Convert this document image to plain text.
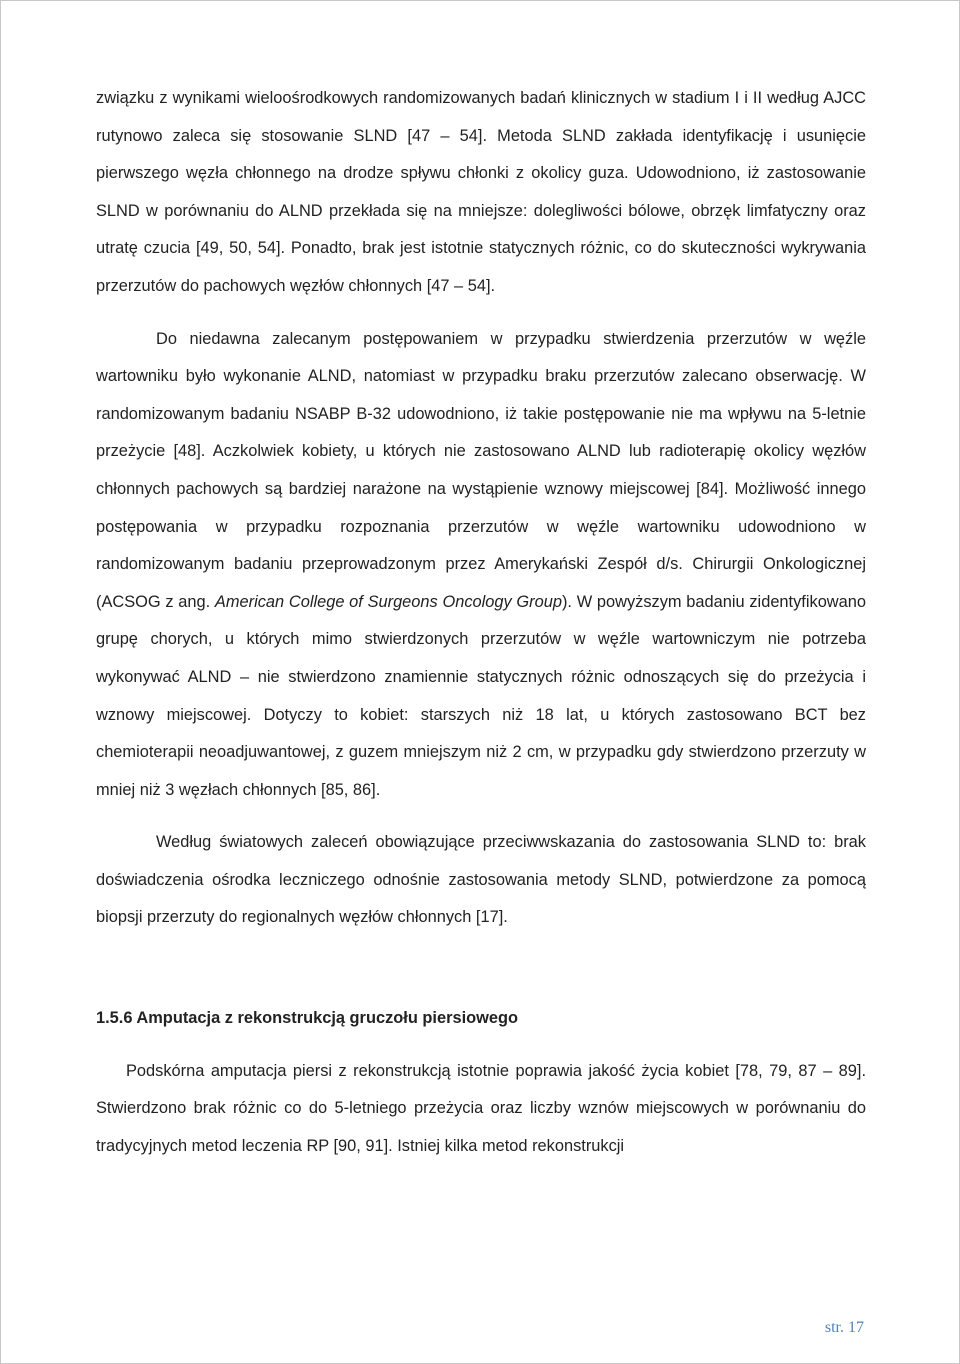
związku z wynikami wieloośrodkowych randomizowanych badań klinicznych w stadium I i II według AJCC rutynowo zaleca się stosowanie SLND [47 – 54]. Metoda SLND zakłada identyfikację i usunięcie pierwszego węzła chłonnego na drodze spływu chłonki z okolicy guza. Udowodniono, iż zastosowanie SLND w porównaniu do ALND przekłada się na mniejsze: dolegliwości bólowe, obrzęk limfatyczny oraz utratę czucia [49, 50, 54]. Ponadto, brak jest istotnie statycznych różnic, co do skuteczności wykrywania przerzutów do pachowych węzłów chłonnych [47 – 54].

Do niedawna zalecanym postępowaniem w przypadku stwierdzenia przerzutów w węźle wartowniku było wykonanie ALND, natomiast w przypadku braku przerzutów zalecano obserwację. W randomizowanym badaniu NSABP B-32 udowodniono, iż takie postępowanie nie ma wpływu na 5-letnie przeżycie [48]. Aczkolwiek kobiety, u których nie zastosowano ALND lub radioterapię okolicy węzłów chłonnych pachowych są bardziej narażone na wystąpienie wznowy miejscowej [84]. Możliwość innego postępowania w przypadku rozpoznania przerzutów w węźle wartowniku udowodniono w randomizowanym badaniu przeprowadzonym przez Amerykański Zespół d/s. Chirurgii Onkologicznej (ACSOG z ang. American College of Surgeons Oncology Group). W powyższym badaniu zidentyfikowano grupę chorych, u których mimo stwierdzonych przerzutów w węźle wartowniczym nie potrzeba wykonywać ALND – nie stwierdzono znamiennie statycznych różnic odnoszących się do przeżycia i wznowy miejscowej. Dotyczy to kobiet: starszych niż 18 lat, u których zastosowano BCT bez chemioterapii neoadjuwantowej, z guzem mniejszym niż 2 cm, w przypadku gdy stwierdzono przerzuty w mniej niż 3 węzłach chłonnych [85, 86].

Według światowych zaleceń obowiązujące przeciwwskazania do zastosowania SLND to: brak doświadczenia ośrodka leczniczego odnośnie zastosowania metody SLND, potwierdzone za pomocą biopsji przerzuty do regionalnych węzłów chłonnych [17].

1.5.6 Amputacja z rekonstrukcją gruczołu piersiowego

Podskórna amputacja piersi z rekonstrukcją istotnie poprawia jakość życia kobiet [78, 79, 87 – 89]. Stwierdzono brak różnic co do 5-letniego przeżycia oraz liczby wznów miejscowych w porównaniu do tradycyjnych metod leczenia RP [90, 91]. Istniej kilka metod rekonstrukcji

str. 17
